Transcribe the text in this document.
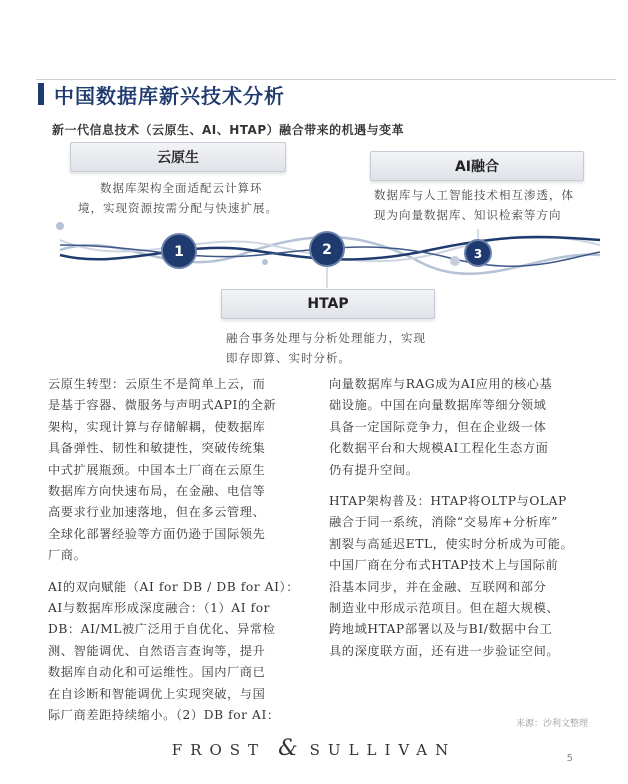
中国数据库新兴技术分析
新一代信息技术（云原生、AI、HTAP）融合带来的机遇与变革
1	2	3
云原生

数据库架构全面适配云计算环

境，实现资源按需分配与快速扩展。

AI融合

数据库与人工智能技术相互渗透，体

现为向量数据库、知识检索等方向

HTAP

融合事务处理与分析处理能力，实现

即存即算、实时分析。

云原生转型：云原生不是简单上云，而

是基于容器、微服务与声明式API的全新

架构，实现计算与存储解耦，使数据库

具备弹性、韧性和敏捷性，突破传统集

中式扩展瓶颈。中国本土厂商在云原生

数据库方向快速布局，在金融、电信等

高要求行业加速落地，但在多云管理、

全球化部署经验等方面仍逊于国际领先

厂商。

AI的双向赋能（AI for DB / DB for AI）：

AI与数据库形成深度融合：（1）AI for

DB：AI/ML被广泛用于自优化、异常检

测、智能调优、自然语言查询等，提升

数据库自动化和可运维性。国内厂商已

在自诊断和智能调优上实现突破，与国

际厂商差距持续缩小。（2）DB for AI：

向量数据库与RAG成为AI应用的核心基

础设施。中国在向量数据库等细分领域

具备一定国际竞争力，但在企业级一体

化数据平台和大规模AI工程化生态方面

仍有提升空间。

HTAP架构普及：HTAP将OLTP与OLAP

融合于同一系统，消除“交易库+分析库”

割裂与高延迟ETL，使实时分析成为可能。

中国厂商在分布式HTAP技术上与国际前

沿基本同步，并在金融、互联网和部分

制造业中形成示范项目。但在超大规模、

跨地域HTAP部署以及与BI/数据中台工

具的深度联方面，还有进一步验证空间。

来源：沙利文整理
FROST & SULLIVAN	5
